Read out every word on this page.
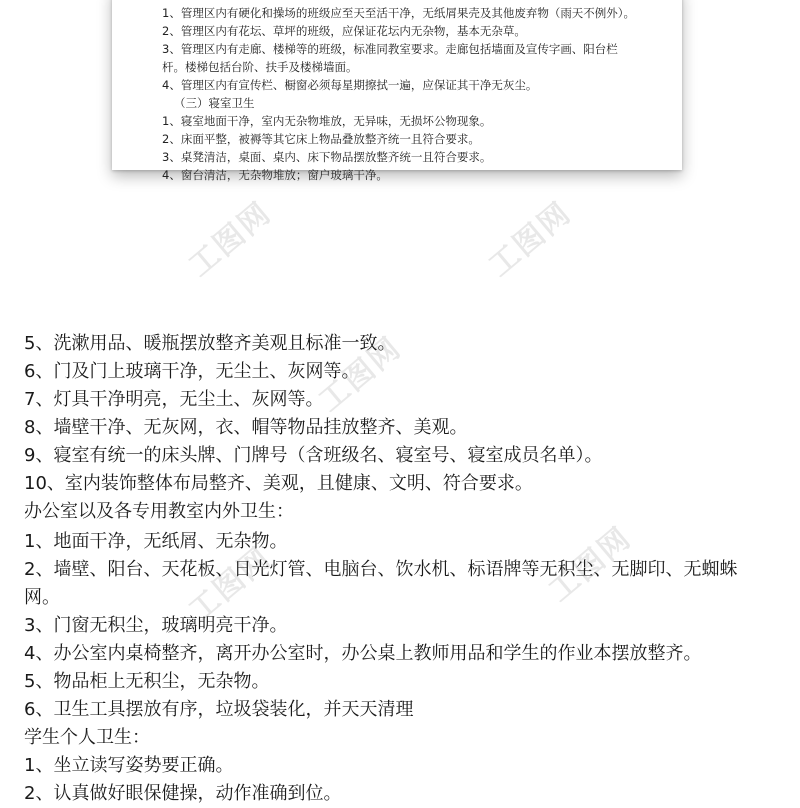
1、管理区内有硬化和操场的班级应至天至活干净，无纸屑果壳及其他废弃物（雨天不例外）。
2、管理区内有花坛、草坪的班级，应保证花坛内无杂物，基本无杂草。
3、管理区内有走廊、楼梯等的班级，标准同教室要求。走廊包括墙面及宣传字画、阳台栏
杆。楼梯包括台阶、扶手及楼梯墙面。
4、管理区内有宣传栏、橱窗必须每星期擦拭一遍，应保证其干净无灰尘。
（三）寝室卫生
1、寝室地面干净，室内无杂物堆放，无异味，无损坏公物现象。
2、床面平整，被褥等其它床上物品叠放整齐统一且符合要求。
3、桌凳清洁，桌面、桌内、床下物品摆放整齐统一且符合要求。
4、窗台清洁，无杂物堆放；窗户玻璃干净。
工图网	工图网
工图网
工图网
工图网
5、洗漱用品、暖瓶摆放整齐美观且标准一致。
6、门及门上玻璃干净，无尘土、灰网等。
7、灯具干净明亮，无尘土、灰网等。
8、墙壁干净、无灰网，衣、帽等物品挂放整齐、美观。
9、寝室有统一的床头牌、门牌号（含班级名、寝室号、寝室成员名单）。
10、室内装饰整体布局整齐、美观，且健康、文明、符合要求。
办公室以及各专用教室内外卫生：
1、地面干净，无纸屑、无杂物。
2、墙壁、阳台、天花板、日光灯管、电脑台、饮水机、标语牌等无积尘、无脚印、无蜘蛛
网。
3、门窗无积尘，玻璃明亮干净。
4、办公室内桌椅整齐，离开办公室时，办公桌上教师用品和学生的作业本摆放整齐。
5、物品柜上无积尘，无杂物。
6、卫生工具摆放有序，垃圾袋装化，并天天清理
学生个人卫生：
1、坐立读写姿势要正确。
2、认真做好眼保健操，动作准确到位。
